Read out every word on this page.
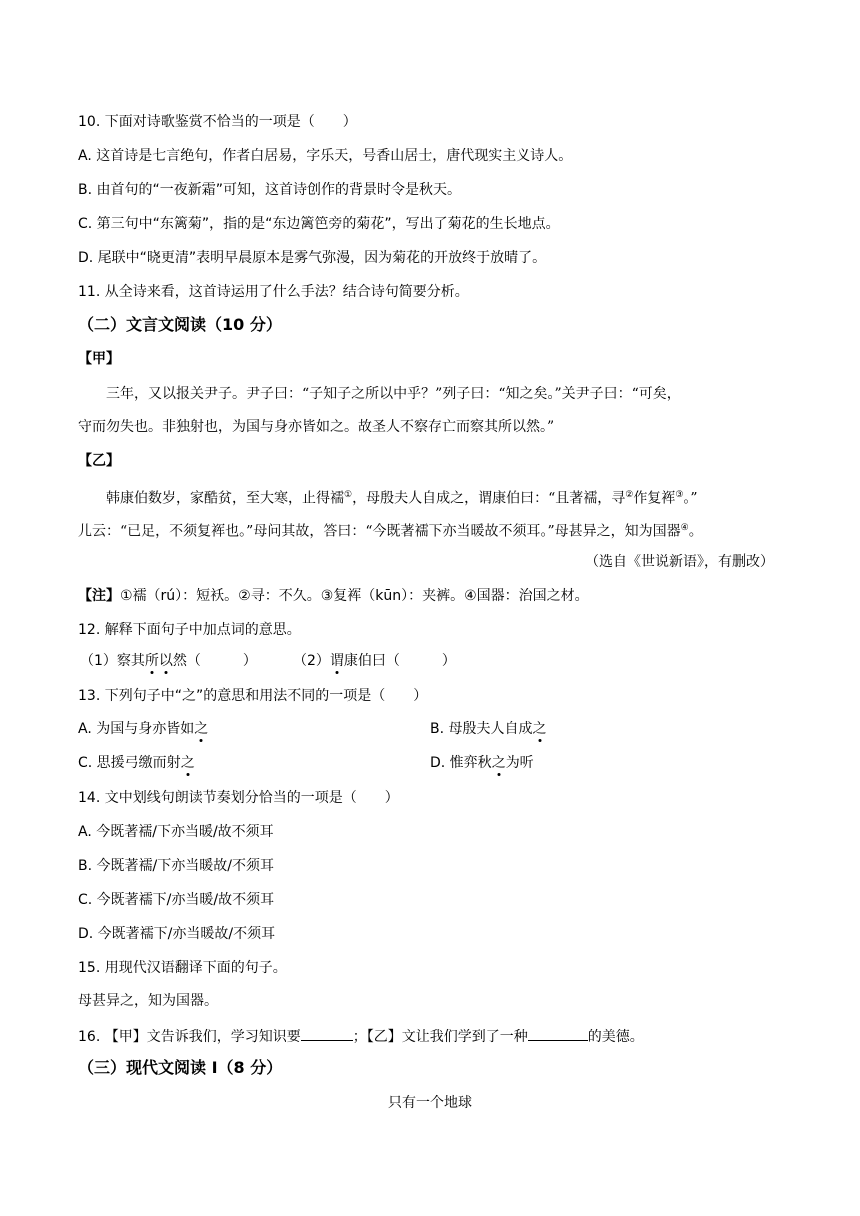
10. 下面对诗歌鉴赏不恰当的一项是（　　）
A. 这首诗是七言绝句，作者白居易，字乐天，号香山居士，唐代现实主义诗人。
B. 由首句的“一夜新霜”可知，这首诗创作的背景时令是秋天。
C. 第三句中“东篱菊”，指的是“东边篱笆旁的菊花”，写出了菊花的生长地点。
D. 尾联中“晓更清”表明早晨原本是雾气弥漫，因为菊花的开放终于放晴了。
11. 从全诗来看，这首诗运用了什么手法？结合诗句简要分析。
（二）文言文阅读（10 分）
【甲】
三年，又以报关尹子。尹子曰：“子知子之所以中乎？”列子曰：“知之矣。”关尹子曰：“可矣，
守而勿失也。非独射也，为国与身亦皆如之。故圣人不察存亡而察其所以然。”
【乙】
韩康伯数岁，家酷贫，至大寒，止得襦①，母殷夫人自成之，谓康伯曰：“且著襦，寻②作复裈③。”
儿云：“已足，不须复裈也。”母问其故，答曰：“今既著襦下亦当暖故不须耳。”母甚异之，知为国器④。
（选自《世说新语》，有删改）
【注】①襦（rú）：短袄。②寻：不久。③复裈（kūn）：夹裤。④国器：治国之材。
12. 解释下面句子中加点词的意思。
（1）察其所以然（　　　）	（2）谓康伯曰（　　　）
13. 下列句子中“之”的意思和用法不同的一项是（　　）
A. 为国与身亦皆如之	B. 母殷夫人自成之
C. 思援弓缴而射之	D. 惟弈秋之为听
14. 文中划线句朗读节奏划分恰当的一项是（　　）
A. 今既著襦/下亦当暖/故不须耳
B. 今既著襦/下亦当暖故/不须耳
C. 今既著襦下/亦当暖/故不须耳
D. 今既著襦下/亦当暖故/不须耳
15. 用现代汉语翻译下面的句子。
母甚异之，知为国器。
16. 【甲】文告诉我们，学习知识要	；【乙】文让我们学到了一种	的美德。
（三）现代文阅读 I（8 分）
只有一个地球
